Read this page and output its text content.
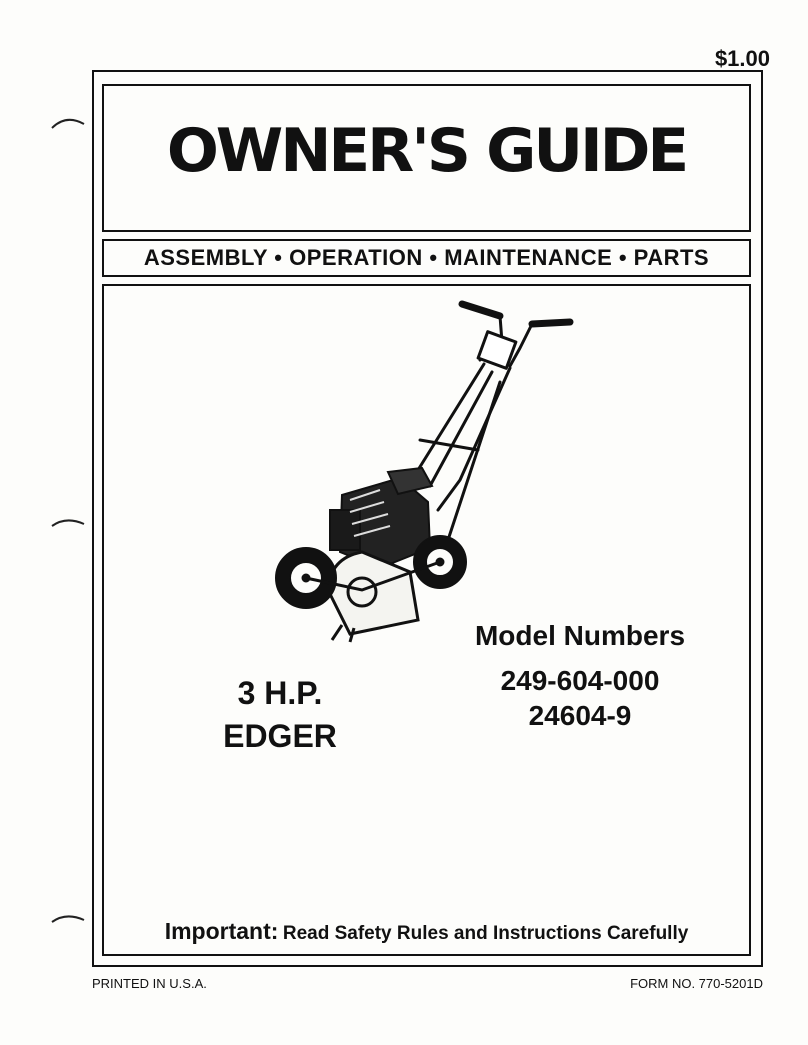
$1.00
OWNER'S GUIDE
ASSEMBLY • OPERATION • MAINTENANCE • PARTS
Model Numbers
249-604-000
24604-9
3 H.P.
EDGER
Important: Read Safety Rules and Instructions Carefully
PRINTED IN U.S.A.	FORM NO. 770-5201D
